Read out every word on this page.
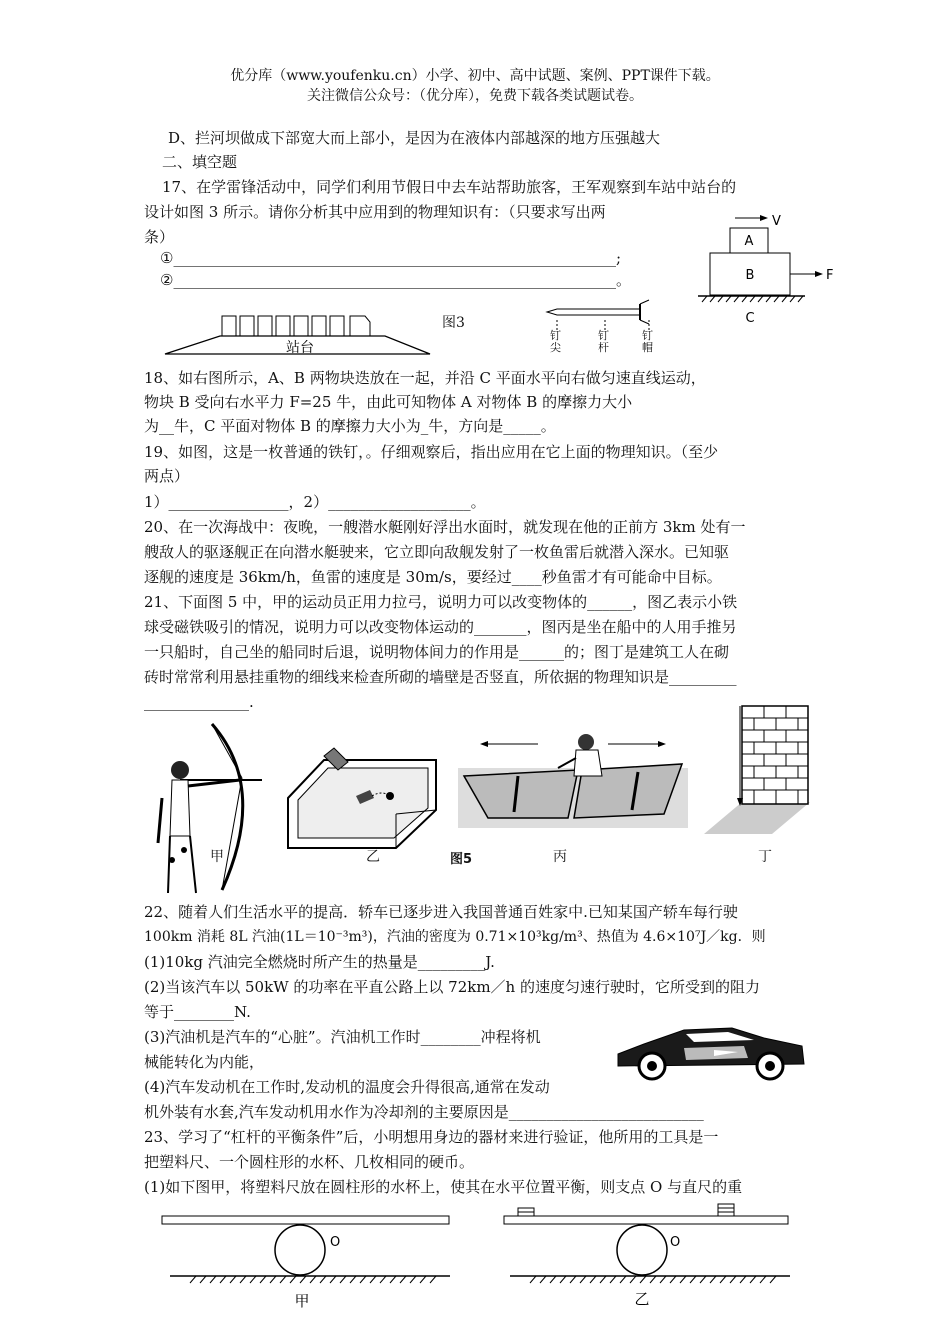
优分库（www.youfenku.cn）小学、初中、高中试题、案例、PPT课件下载。
关注微信公众号：（优分库），免费下载各类试题试卷。
D、拦河坝做成下部宽大而上部小，是因为在液体内部越深的地方压强越大
二、填空题
17、在学雷锋活动中，同学们利用节假日中去车站帮助旅客，王军观察到车站中站台的
设计如图 3 所示。请你分析其中应用到的物理知识有：（只要求写出两
条）
①___________________________________________________________;
②___________________________________________________________。
站台
图3
钉尖
钉杆
钉帽
V
A
B	F
C
18、如右图所示，A、B 两物块迭放在一起，并沿 C 平面水平向右做匀速直线运动，
物块 B 受向右水平力 F=25 牛，由此可知物体 A 对物体 B 的摩擦力大小
为__牛，C 平面对物体 B 的摩擦力大小为_牛，方向是_____。
19、如图，这是一枚普通的铁钉，。仔细观察后，指出应用在它上面的物理知识。（至少
两点）
1）________________，2）___________________。
20、在一次海战中：夜晚，一艘潜水艇刚好浮出水面时，就发现在他的正前方 3km 处有一
艘敌人的驱逐舰正在向潜水艇驶来，它立即向敌舰发射了一枚鱼雷后就潜入深水。已知驱
逐舰的速度是 36km/h，鱼雷的速度是 30m/s，要经过____秒鱼雷才有可能命中目标。
21、下面图 5 中，甲的运动员正用力拉弓，说明力可以改变物体的______，图乙表示小铁
球受磁铁吸引的情况，说明力可以改变物体运动的_______，图丙是坐在船中的人用手推另
一只船时，自己坐的船同时后退，说明物体间力的作用是______的；图丁是建筑工人在砌
砖时常常利用悬挂重物的细线来检查所砌的墙壁是否竖直，所依据的物理知识是_________
______________.
甲	乙	图5	丙	丁
22、随着人们生活水平的提高．轿车已逐步进入我国普通百姓家中.已知某国产轿车每行驶
100km 消耗 8L 汽油(1L＝10⁻³m³)，汽油的密度为 0.71×10³kg/m³、热值为 4.6×10⁷J／kg．则
(1)10kg 汽油完全燃烧时所产生的热量是_________J.
(2)当该汽车以 50kW 的功率在平直公路上以 72km／h 的速度匀速行驶时，它所受到的阻力
等于________N.
(3)汽油机是汽车的“心脏”。汽油机工作时________冲程将机
械能转化为内能，
(4)汽车发动机在工作时,发动机的温度会升得很高,通常在发动
机外装有水套,汽车发动机用水作为冷却剂的主要原因是__________________________
23、学习了“杠杆的平衡条件”后，小明想用身边的器材来进行验证，他所用的工具是一
把塑料尺、一个圆柱形的水杯、几枚相同的硬币。
(1)如下图甲，将塑料尺放在圆柱形的水杯上，使其在水平位置平衡，则支点 O 与直尺的重
O
甲
O
乙
